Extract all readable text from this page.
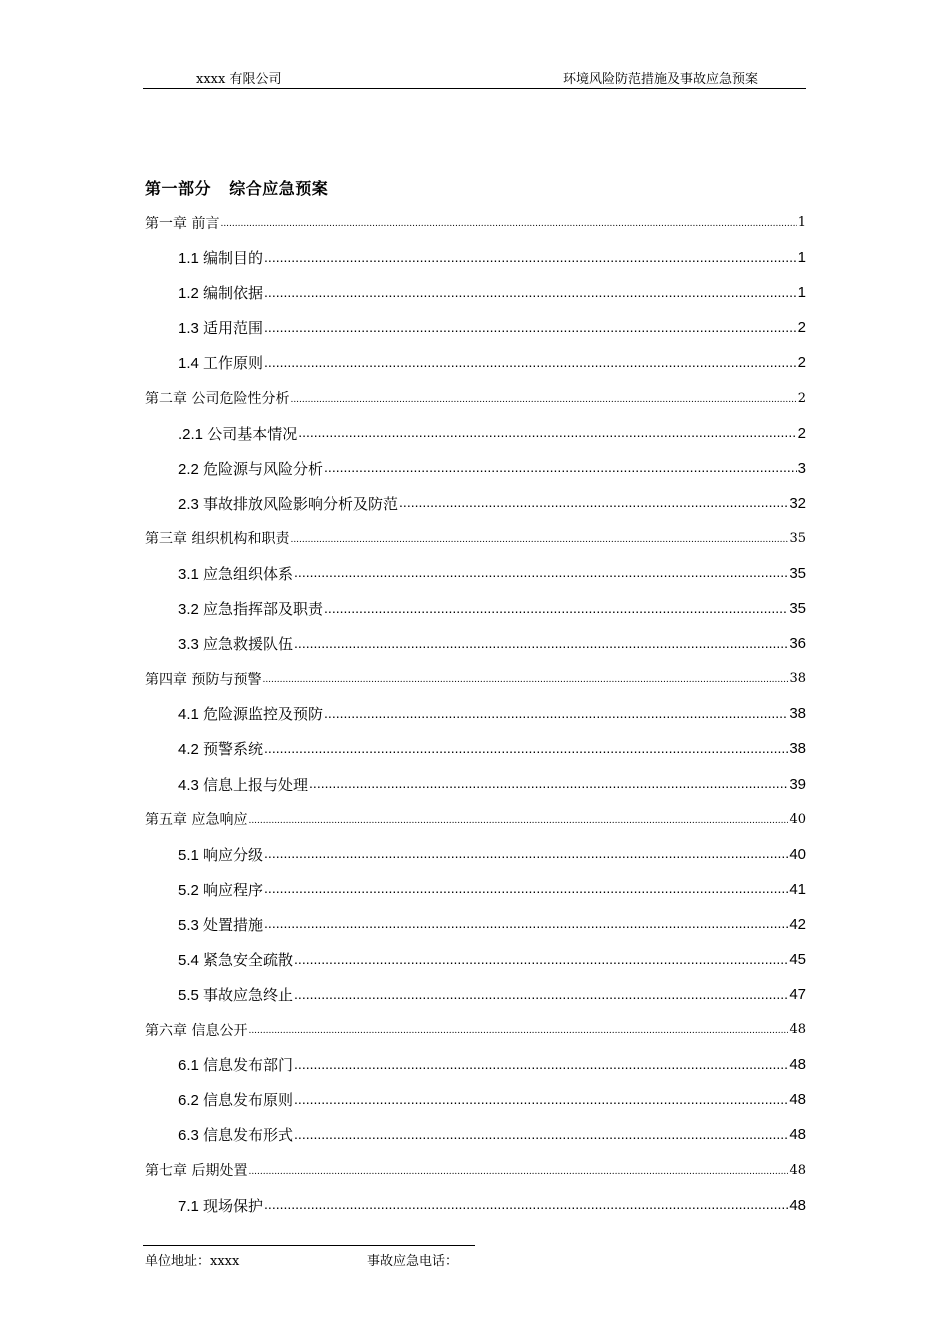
xxxx 有限公司	环境风险防范措施及事故应急预案
第一部分   综合应急预案
第一章 前言 .....	1
1.1 编制目的 .....	1
1.2 编制依据 .....	1
1.3 适用范围 .....	2
1.4 工作原则 .....	2
第二章 公司危险性分析 .....	2
.2.1 公司基本情况 .....	2
2.2 危险源与风险分析 .....	3
2.3 事故排放风险影响分析及防范 .....	32
第三章 组织机构和职责 .....	35
3.1 应急组织体系 .....	35
3.2 应急指挥部及职责 .....	35
3.3 应急救援队伍 .....	36
第四章 预防与预警 .....	38
4.1 危险源监控及预防 .....	38
4.2 预警系统 .....	38
4.3 信息上报与处理 .....	39
第五章 应急响应 .....	40
5.1 响应分级 .....	40
5.2 响应程序 .....	41
5.3 处置措施 .....	42
5.4 紧急安全疏散 .....	45
5.5 事故应急终止 .....	47
第六章 信息公开 .....	48
6.1 信息发布部门 .....	48
6.2 信息发布原则 .....	48
6.3 信息发布形式 .....	48
第七章 后期处置 .....	48
7.1 现场保护 .....	48
单位地址：xxxx	事故应急电话：
